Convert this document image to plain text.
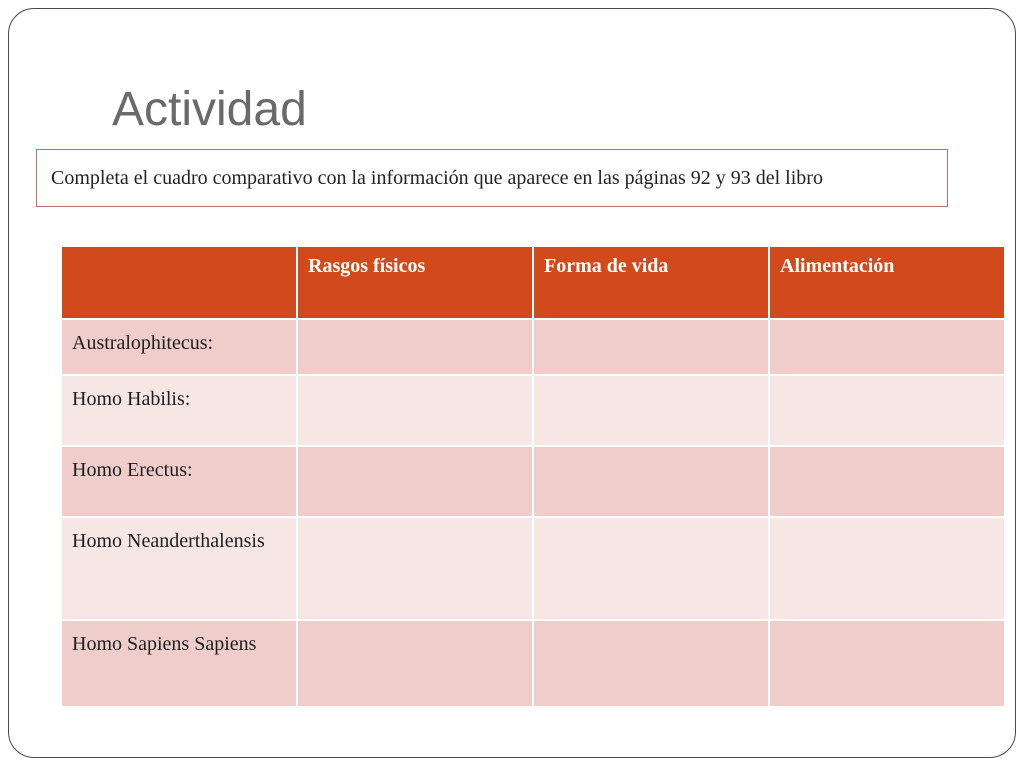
Actividad
Completa el cuadro comparativo con la información que aparece en las páginas 92 y 93 del libro
	Rasgos físicos	Forma de vida	Alimentación
Australophitecus:			
Homo Habilis:			
Homo Erectus:			
Homo Neanderthalensis			
Homo Sapiens Sapiens			
